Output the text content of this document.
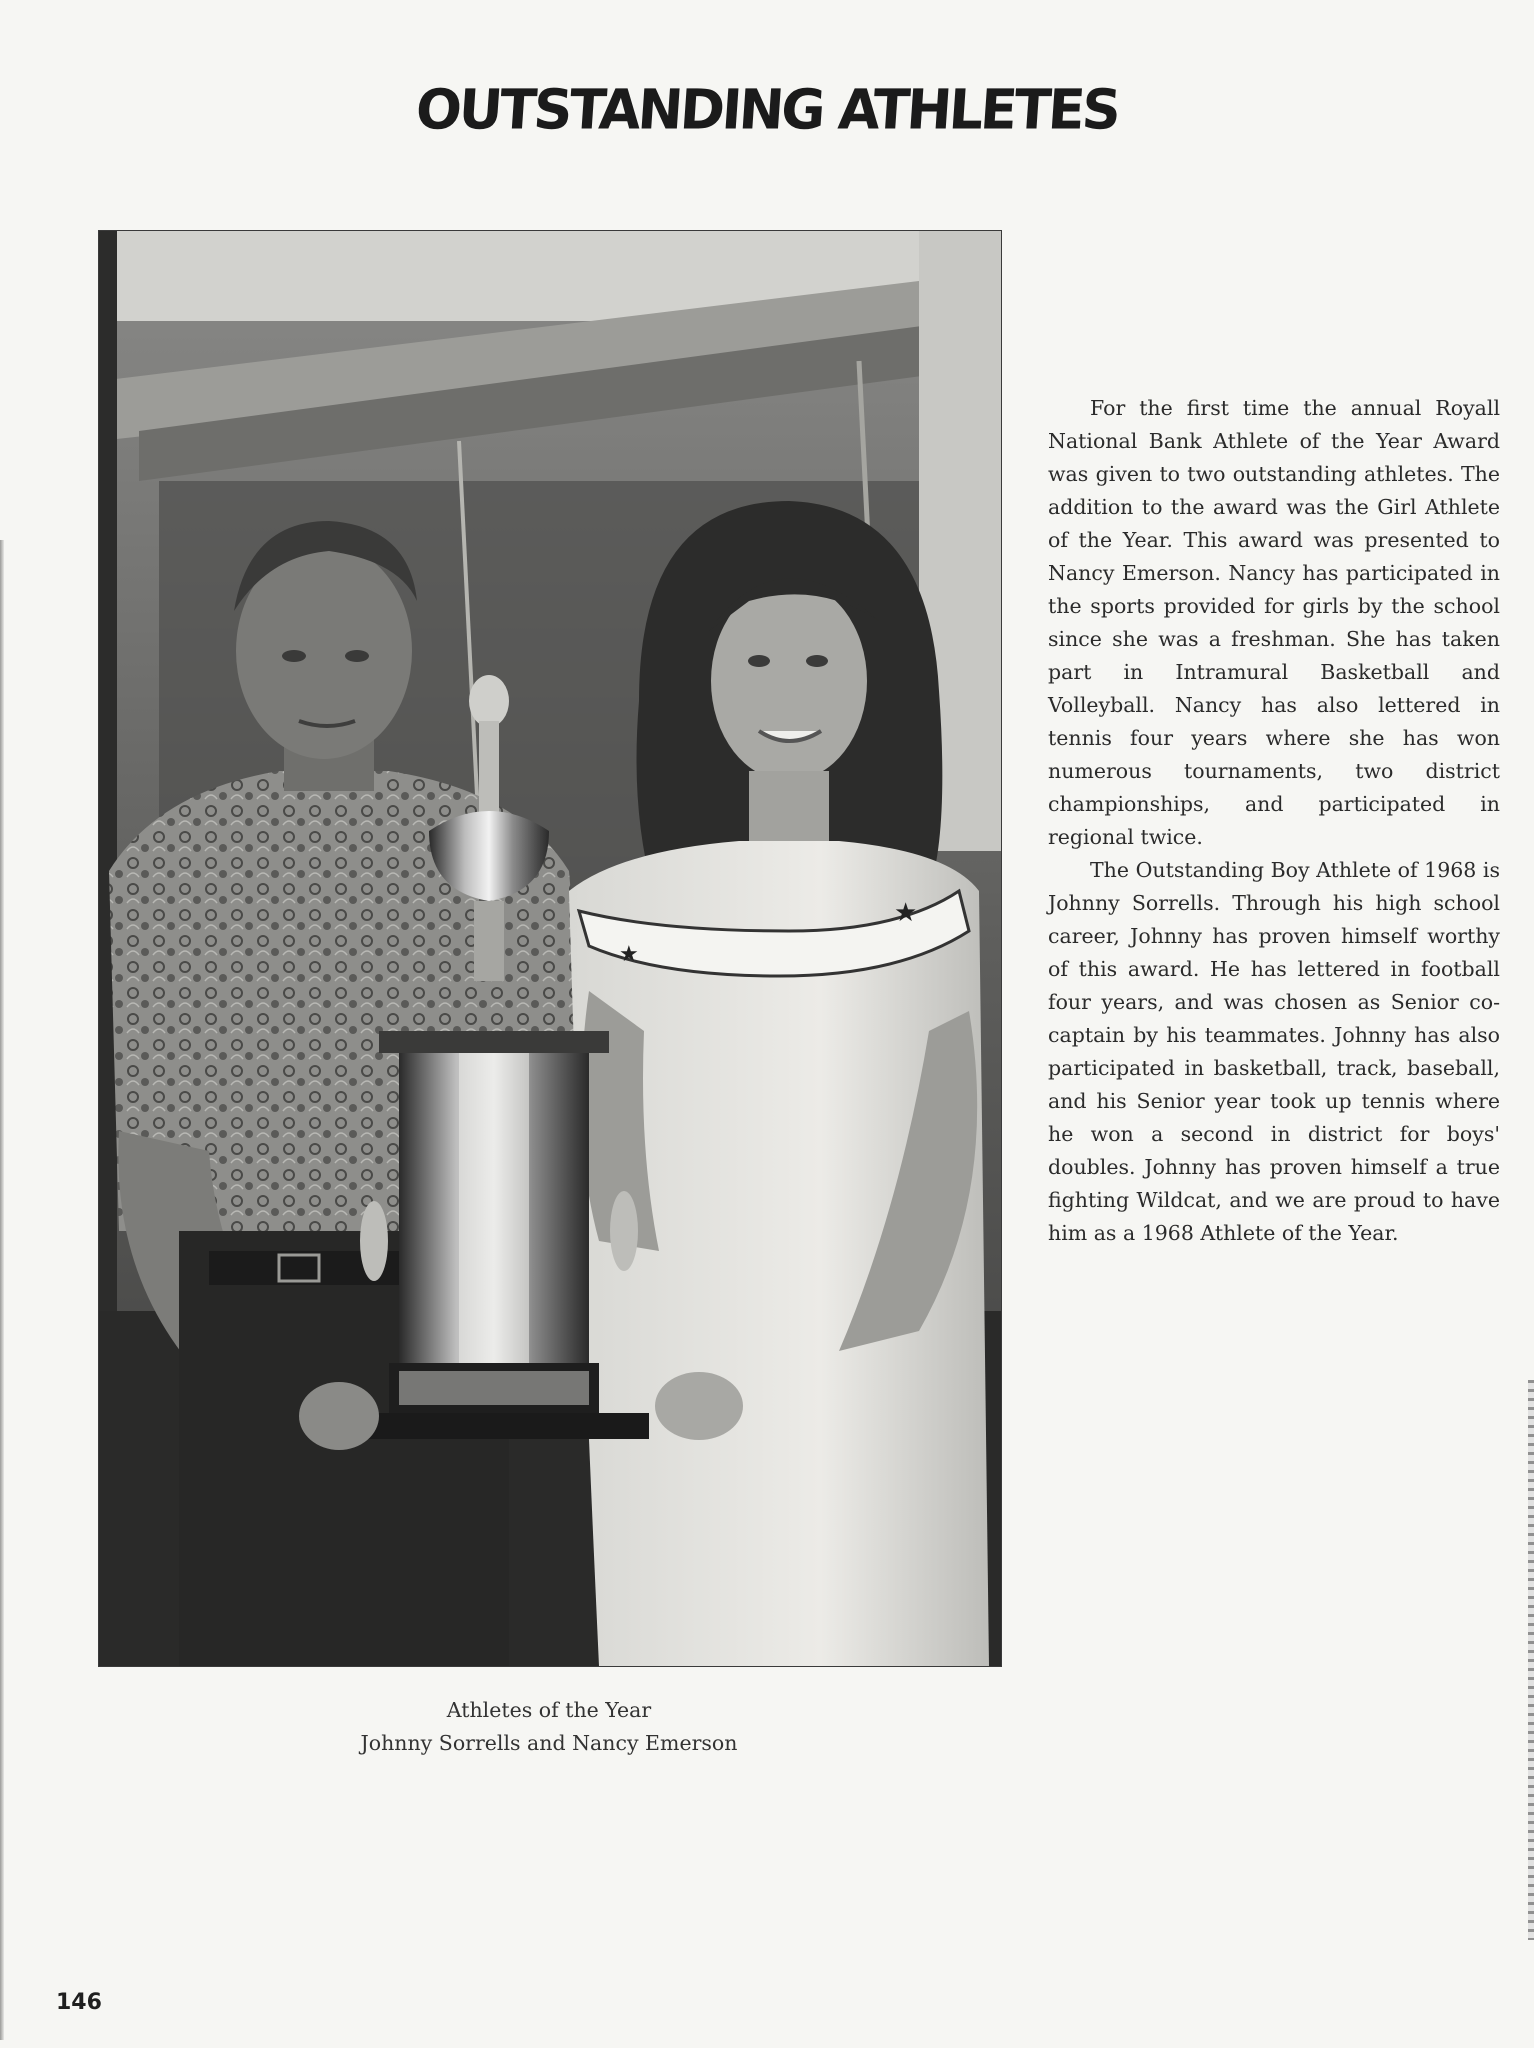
OUTSTANDING ATHLETES
★
★

For the first time the annual Royall National Bank Athlete of the Year Award was given to two outstanding athletes. The addition to the award was the Girl Athlete of the Year. This award was presented to Nancy Emerson. Nancy has participated in the sports provided for girls by the school since she was a freshman. She has taken part in Intramural Basketball and Volleyball. Nancy has also lettered in tennis four years where she has won numerous tournaments, two district championships, and participated in regional twice.

The Outstanding Boy Athlete of 1968 is Johnny Sorrells. Through his high school career, Johnny has proven himself worthy of this award. He has lettered in football four years, and was chosen as Senior co-captain by his teammates. Johnny has also participated in basketball, track, baseball, and his Senior year took up tennis where he won a second in district for boys' doubles. Johnny has proven himself a true fighting Wildcat, and we are proud to have him as a 1968 Athlete of the Year.

Athletes of the Year
Johnny Sorrells and Nancy Emerson
146
